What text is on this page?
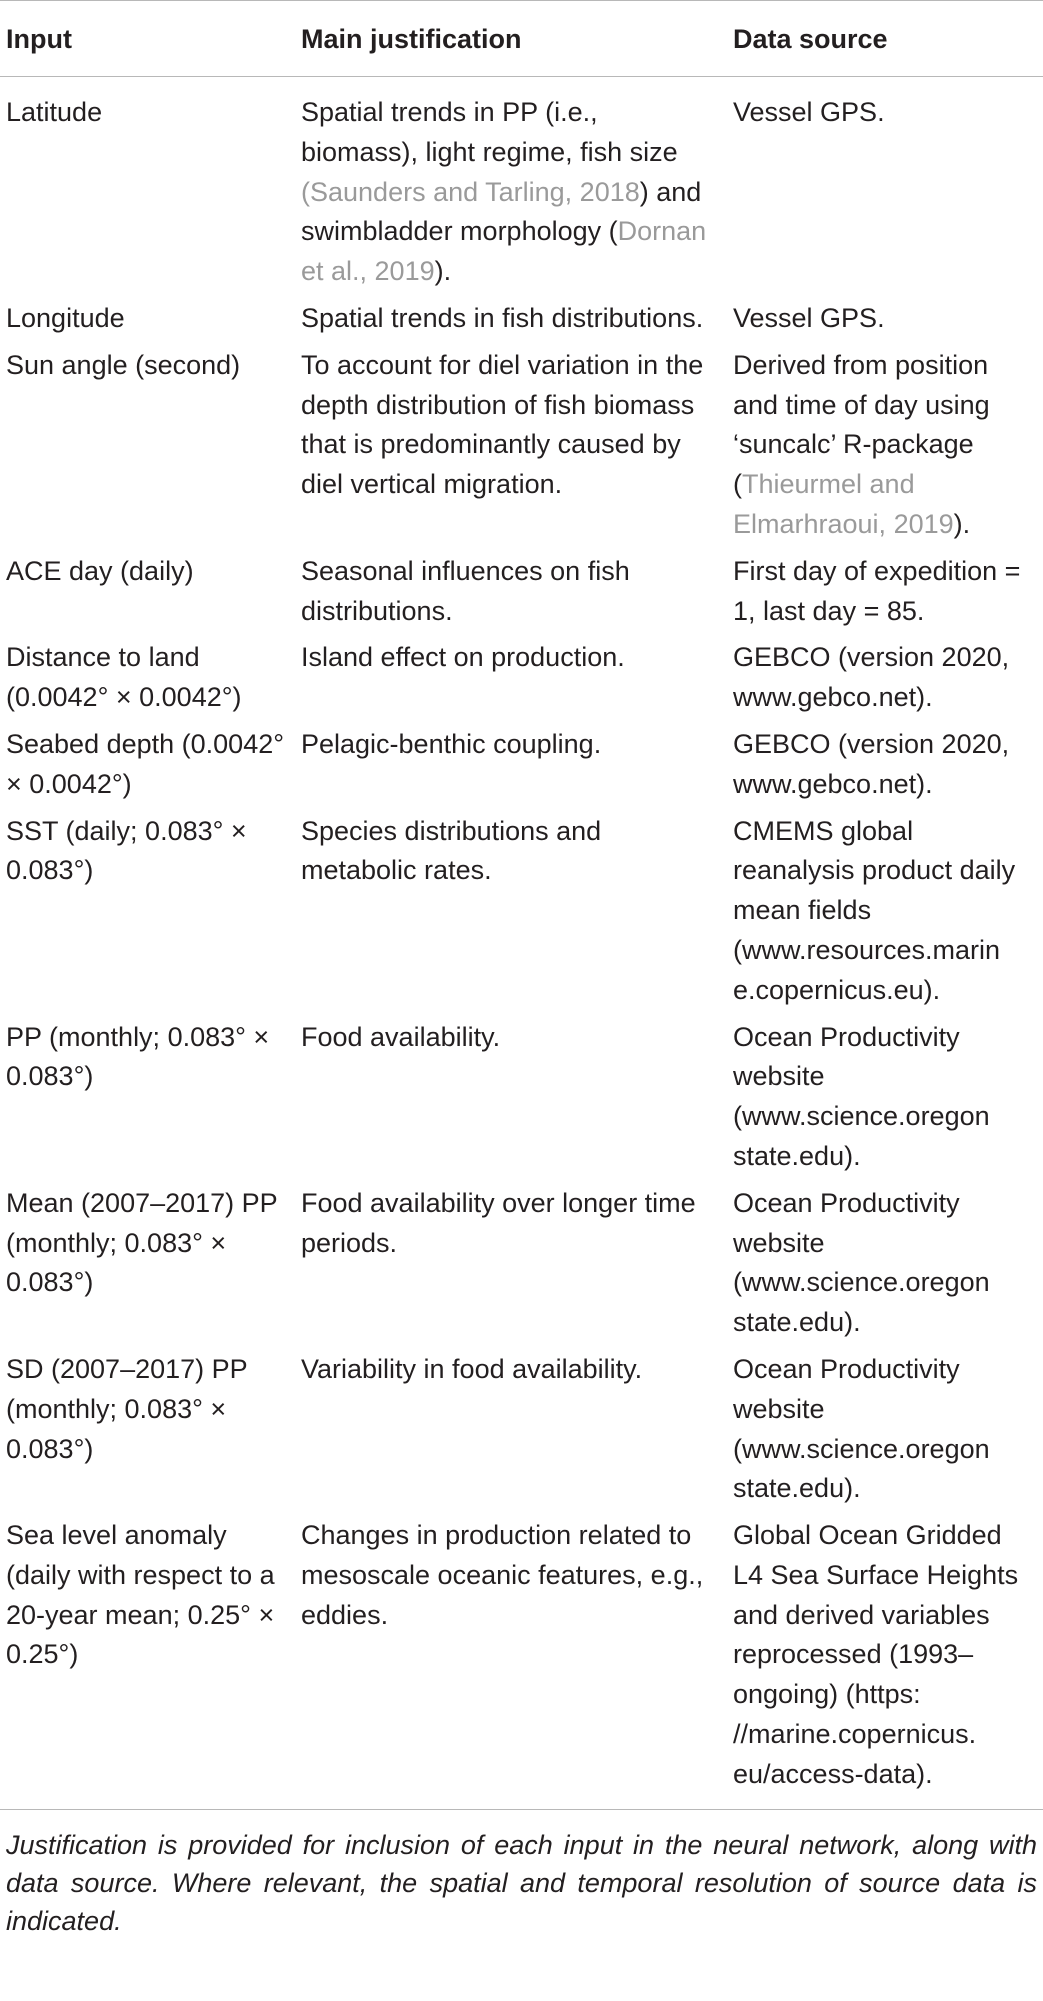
Input	Main justification	Data source
Latitude	Spatial trends in PP (i.e., biomass), light regime, fish size (Saunders and Tarling, 2018) and swimbladder morphology (Dornan et al., 2019).	Vessel GPS.
Longitude	Spatial trends in fish distributions.	Vessel GPS.
Sun angle (second)	To account for diel variation in the depth distribution of fish biomass that is predominantly caused by diel vertical migration.	Derived from position and time of day using ‘suncalc’ R-package (Thieurmel and Elmarhraoui, 2019).
ACE day (daily)	Seasonal influences on fish distributions.	First day of expedition = 1, last day = 85.
Distance to land (0.0042° × 0.0042°)	Island effect on production.	GEBCO (version 2020, www.gebco.net).
Seabed depth (0.0042° × 0.0042°)	Pelagic-benthic coupling.	GEBCO (version 2020, www.gebco.net).
SST (daily; 0.083° × 0.083°)	Species distributions and metabolic rates.	CMEMS global reanalysis product daily mean fields (www.resources.marin e.copernicus.eu).
PP (monthly; 0.083° × 0.083°)	Food availability.	Ocean Productivity website (www.science.oregon state.edu).
Mean (2007–2017) PP (monthly; 0.083° × 0.083°)	Food availability over longer time periods.	Ocean Productivity website (www.science.oregon state.edu).
SD (2007–2017) PP (monthly; 0.083° × 0.083°)	Variability in food availability.	Ocean Productivity website (www.science.oregon state.edu).
Sea level anomaly (daily with respect to a 20-year mean; 0.25° × 0.25°)	Changes in production related to mesoscale oceanic features, e.g., eddies.	Global Ocean Gridded L4 Sea Surface Heights and derived variables reprocessed (1993–ongoing) (https: //marine.copernicus. eu/access-data).

Justification is provided for inclusion of each input in the neural network, along with data source. Where relevant, the spatial and temporal resolution of source data is indicated.
